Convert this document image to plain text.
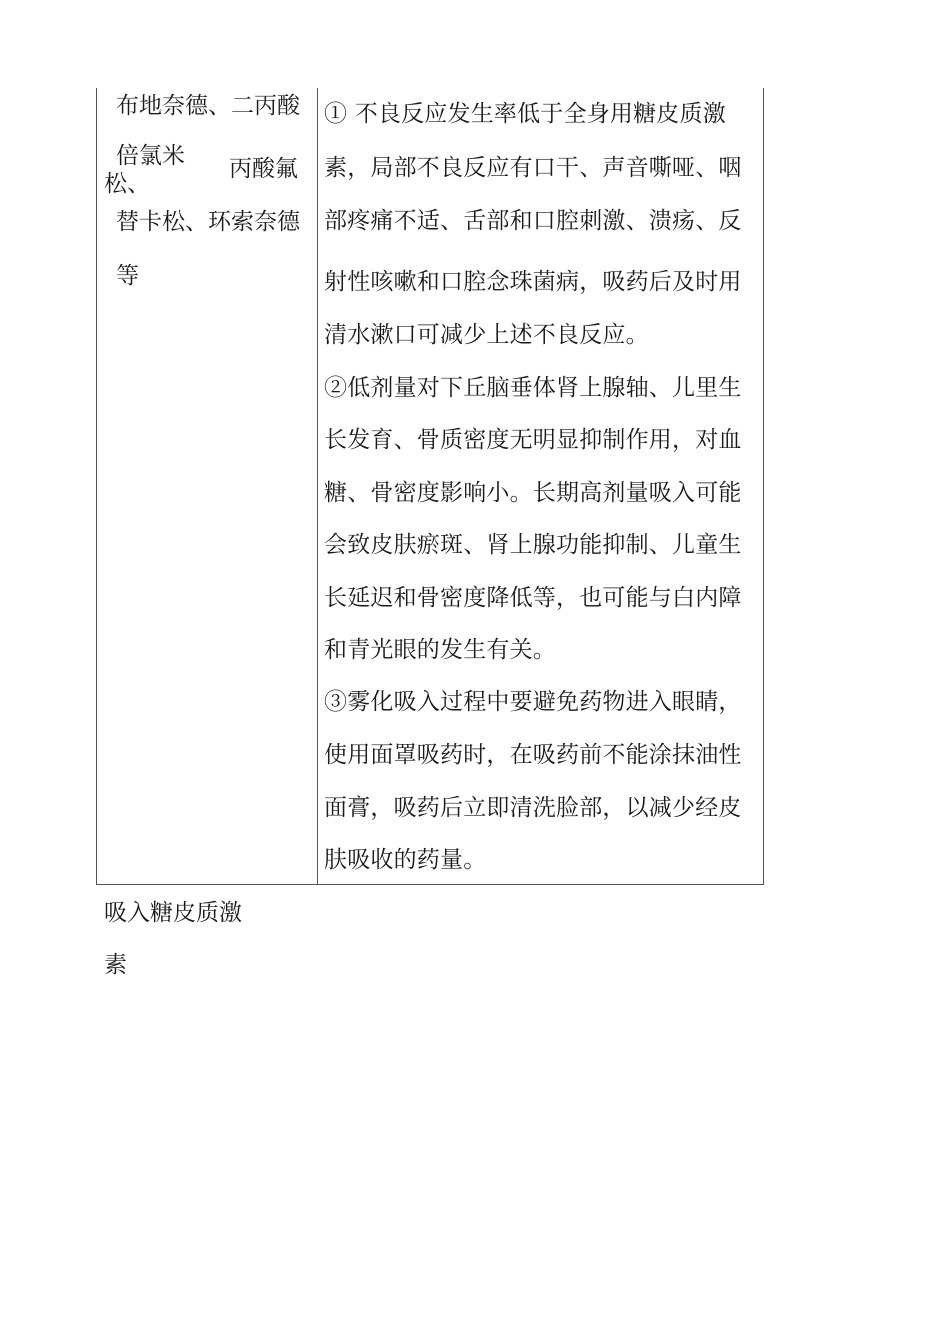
布地奈德、二丙酸
倍氯米 丙酸氟
松、
替卡松、环索奈德
等
① 不良反应发生率低于全身用糖皮质激
素，局部不良反应有口干、声音嘶哑、咽
部疼痛不适、舌部和口腔刺激、溃疡、反
射性咳嗽和口腔念珠菌病，吸药后及时用
清水漱口可减少上述不良反应。
②低剂量对下丘脑垂体肾上腺轴、儿里生
长发育、骨质密度无明显抑制作用，对血
糖、骨密度影响小。长期高剂量吸入可能
会致皮肤瘀斑、肾上腺功能抑制、儿童生
长延迟和骨密度降低等，也可能与白内障
和青光眼的发生有关。
③雾化吸入过程中要避免药物进入眼睛，
使用面罩吸药时，在吸药前不能涂抹油性
面膏，吸药后立即清洗脸部，以减少经皮
肤吸收的药量。
吸入糖皮质激
素
